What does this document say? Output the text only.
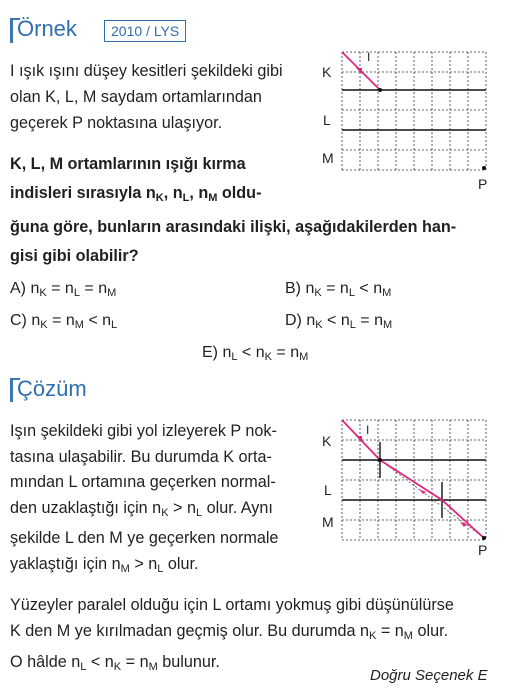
Örnek	2010 / LYS
I ışık ışını düşey kesitleri şekildeki gibi
olan K, L, M saydam ortamlarından
geçerek P noktasına ulaşıyor.
K, L, M ortamlarının ışığı kırma
indisleri sırasıyla $n_K$, $n_L$, $n_M$ oldu-
ğuna göre, bunların arasındaki ilişki, aşağıdakilerden han-
gisi gibi olabilir?
K
L
M
P
I
A) $n_K = n_L = n_M$	B) $n_K = n_L < n_M$
C) $n_K = n_M < n_L$	D) $n_K < n_L = n_M$
E) $n_L < n_K = n_M$
Çözüm
Işın şekildeki gibi yol izleyerek P nok-
tasına ulaşabilir. Bu durumda K orta-
mından L ortamına geçerken normal-
den uzaklaştığı için $n_K > n_L$ olur. Aynı
şekilde L den M ye geçerken normale
yaklaştığı için $n_M > n_L$ olur.
Yüzeyler paralel olduğu için L ortamı yokmuş gibi düşünülürse
K den M ye kırılmadan geçmiş olur. Bu durumda $n_K = n_M$ olur.
O hâlde $n_L < n_K = n_M$ bulunur.
Doğru Seçenek E
K
L
M
P
I
